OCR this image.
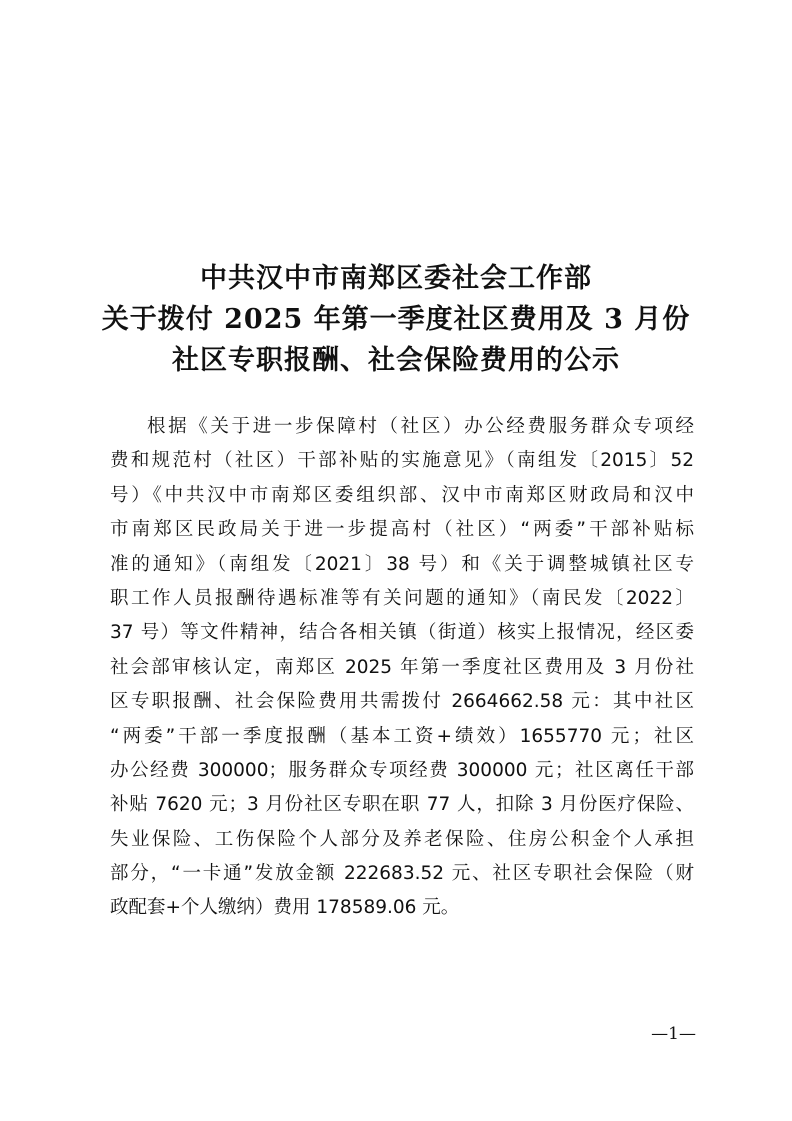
中共汉中市南郑区委社会工作部
关于拨付 2025 年第一季度社区费用及 3 月份
社区专职报酬、社会保险费用的公示
根据《关于进一步保障村（社区）办公经费服务群众专项经
费和规范村（社区）干部补贴的实施意见》（南组发〔2015〕52
号）《中共汉中市南郑区委组织部、汉中市南郑区财政局和汉中
市南郑区民政局关于进一步提高村（社区）“两委”干部补贴标
准的通知》（南组发〔2021〕38 号）和《关于调整城镇社区专
职工作人员报酬待遇标准等有关问题的通知》（南民发〔2022〕
37 号）等文件精神，结合各相关镇（街道）核实上报情况，经区委
社会部审核认定，南郑区 2025 年第一季度社区费用及 3 月份社
区专职报酬、社会保险费用共需拨付 2664662.58 元：其中社区
“两委”干部一季度报酬（基本工资+绩效）1655770 元；社区
办公经费 300000；服务群众专项经费 300000 元；社区离任干部
补贴 7620 元；3 月份社区专职在职 77 人，扣除 3 月份医疗保险、
失业保险、工伤保险个人部分及养老保险、住房公积金个人承担
部分，“一卡通”发放金额 222683.52 元、社区专职社会保险（财
政配套+个人缴纳）费用 178589.06 元。
—1—
